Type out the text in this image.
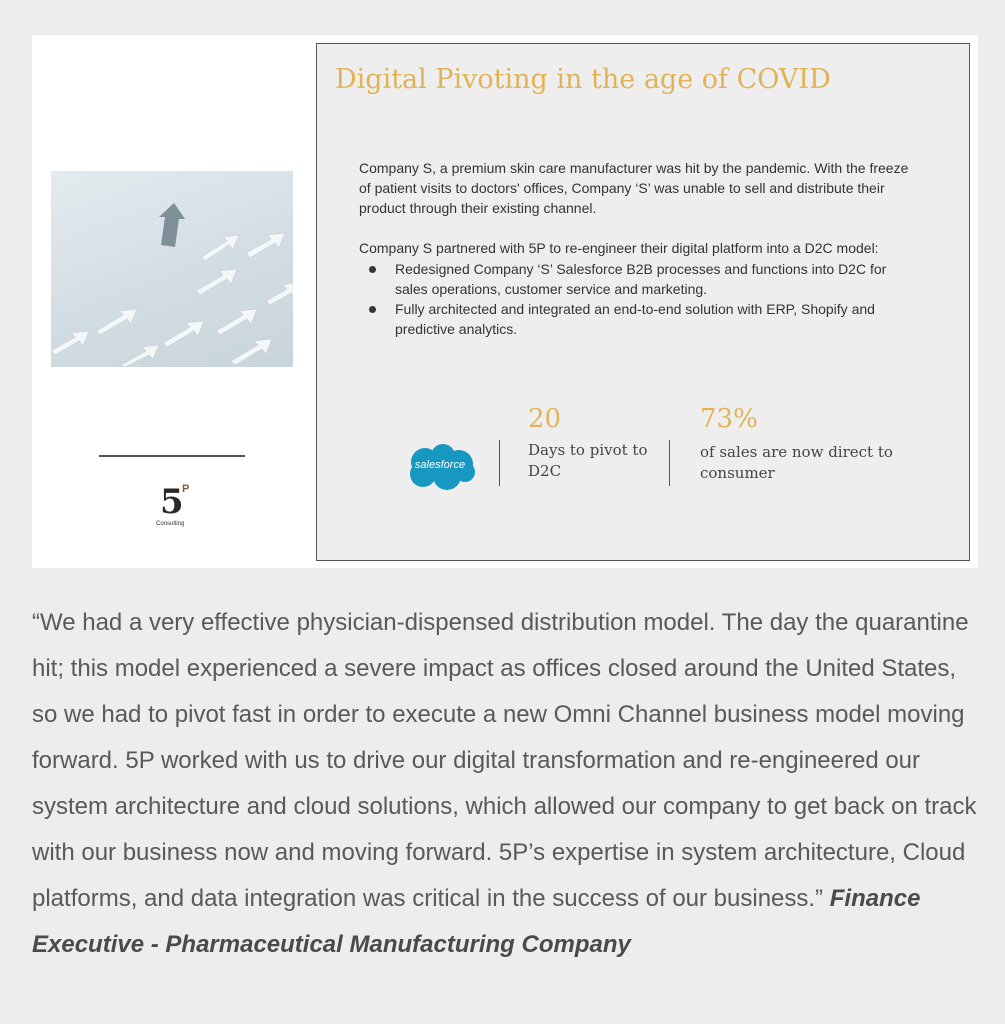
5
P
Consulting
Digital Pivoting in the age of COVID

Company S, a premium skin care manufacturer was hit by the pandemic. With the freeze of patient visits to doctors' offices, Company ‘S’ was unable to sell and distribute their product through their existing channel.

Company S partnered with 5P to re-engineer their digital platform into a D2C model:

Redesigned Company ‘S’ Salesforce B2B processes and functions into D2C for sales operations, customer service and marketing.
Fully architected and integrated an end-to-end solution with ERP, Shopify and predictive analytics.
salesforce
20
Days to pivot to D2C
73%
of sales are now direct to consumer

“We had a very effective physician-dispensed distribution model. The day the quarantine hit; this model experienced a severe impact as offices closed around the United States, so we had to pivot fast in order to execute a new Omni Channel business model moving forward. 5P worked with us to drive our digital transformation and re-engineered our system architecture and cloud solutions, which allowed our company to get back on track with our business now and moving forward. 5P’s expertise in system architecture, Cloud platforms, and data integration was critical in the success of our business.” Finance Executive - Pharmaceutical Manufacturing Company
